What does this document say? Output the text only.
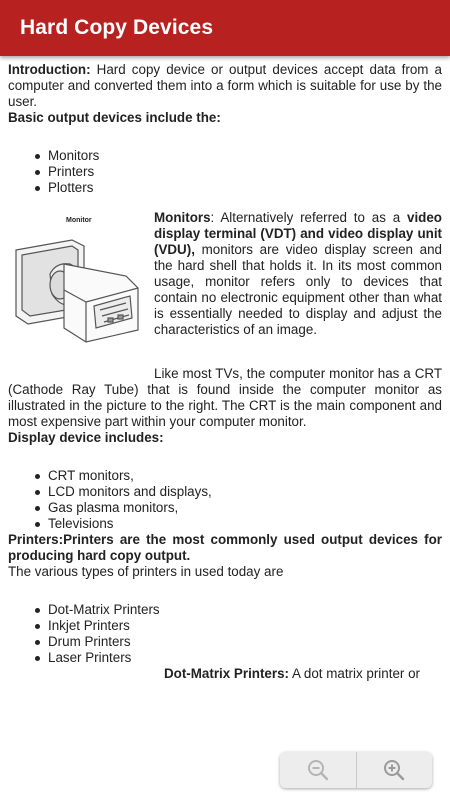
Hard Copy Devices

Introduction: Hard copy device or output devices accept data from a computer and converted them into a form which is suitable for use by the user.

Basic output devices include the:

Monitors
Printers
Plotters
Monitor	Monitors: Alternatively referred to as a video display terminal (VDT) and video display unit (VDU), monitors are video display screen and the hard shell that holds it. In its most common usage, monitor refers only to devices that contain no electronic equipment other than what is essentially needed to display and adjust the characteristics of an image.

Like most TVs, the computer monitor has a CRT (Cathode Ray Tube) that is found inside the computer monitor as illustrated in the picture to the right. The CRT is the main component and most expensive part within your computer monitor.

Display device includes:

CRT monitors,
LCD monitors and displays,
Gas plasma monitors,
Televisions

Printers:Printers are the most commonly used output devices for producing hard copy output.

The various types of printers in used today are

Dot-Matrix Printers
Inkjet Printers
Drum Printers
Laser Printers

Dot-Matrix Printers: A dot matrix printer or
